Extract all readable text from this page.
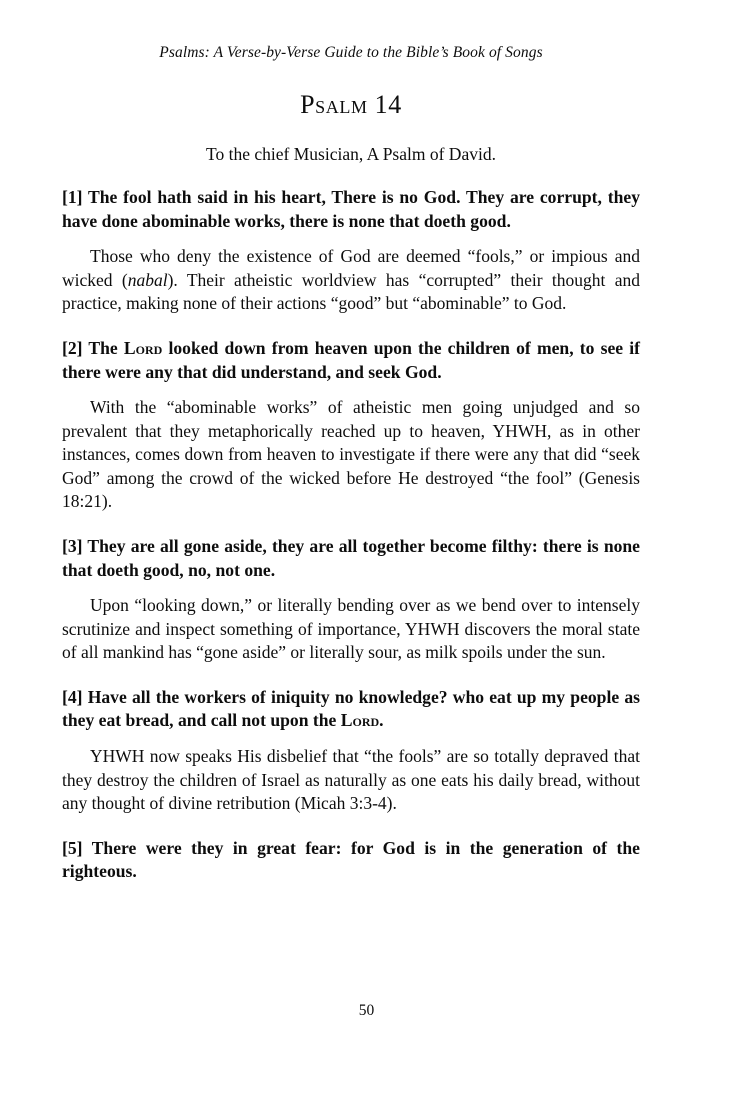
Psalms: A Verse-by-Verse Guide to the Bible’s Book of Songs
Psalm 14
To the chief Musician, A Psalm of David.

[1] The fool hath said in his heart, There is no God. They are corrupt, they have done abominable works, there is none that doeth good.

Those who deny the existence of God are deemed “fools,” or impious and wicked (nabal). Their atheistic worldview has “corrupted” their thought and practice, making none of their actions “good” but “abominable” to God.

[2] The Lord looked down from heaven upon the children of men, to see if there were any that did understand, and seek God.

With the “abominable works” of atheistic men going unjudged and so prevalent that they metaphorically reached up to heaven, YHWH, as in other instances, comes down from heaven to investigate if there were any that did “seek God” among the crowd of the wicked before He destroyed “the fool” (Genesis 18:21).

[3] They are all gone aside, they are all together become filthy: there is none that doeth good, no, not one.

Upon “looking down,” or literally bending over as we bend over to intensely scrutinize and inspect something of importance, YHWH discovers the moral state of all mankind has “gone aside” or literally sour, as milk spoils under the sun.

[4] Have all the workers of iniquity no knowledge? who eat up my people as they eat bread, and call not upon the Lord.

YHWH now speaks His disbelief that “the fools” are so totally depraved that they destroy the children of Israel as naturally as one eats his daily bread, without any thought of divine retribution (Micah 3:3-4).

[5] There were they in great fear: for God is in the generation of the righteous.

50
